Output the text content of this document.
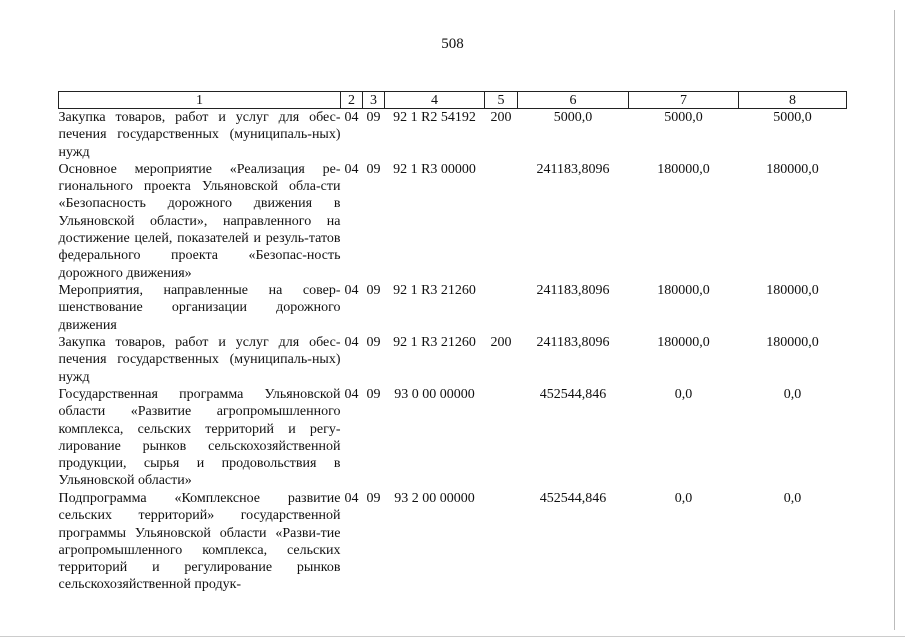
508
1	2	3	4	5	6	7	8
Закупка товаров, работ и услуг для обес-печения государственных (муниципаль-ных) нужд	04	09	92 1 R2 54192	200	5000,0	5000,0	5000,0
Основное мероприятие «Реализация ре-гионального проекта Ульяновской обла-сти «Безопасность дорожного движения в Ульяновской области», направленного на достижение целей, показателей и резуль-татов федерального проекта «Безопас-ность дорожного движения»	04	09	92 1 R3 00000		241183,8096	180000,0	180000,0
Мероприятия, направленные на совер-шенствование организации дорожного движения	04	09	92 1 R3 21260		241183,8096	180000,0	180000,0
Закупка товаров, работ и услуг для обес-печения государственных (муниципаль-ных) нужд	04	09	92 1 R3 21260	200	241183,8096	180000,0	180000,0
Государственная программа Ульяновской области «Развитие агропромышленного комплекса, сельских территорий и регу-лирование рынков сельскохозяйственной продукции, сырья и продовольствия в Ульяновской области»	04	09	93 0 00 00000		452544,846	0,0	0,0
Подпрограмма «Комплексное развитие сельских территорий» государственной программы Ульяновской области «Разви-тие агропромышленного комплекса, сельских территорий и регулирование рынков сельскохозяйственной продук-	04	09	93 2 00 00000		452544,846	0,0	0,0
